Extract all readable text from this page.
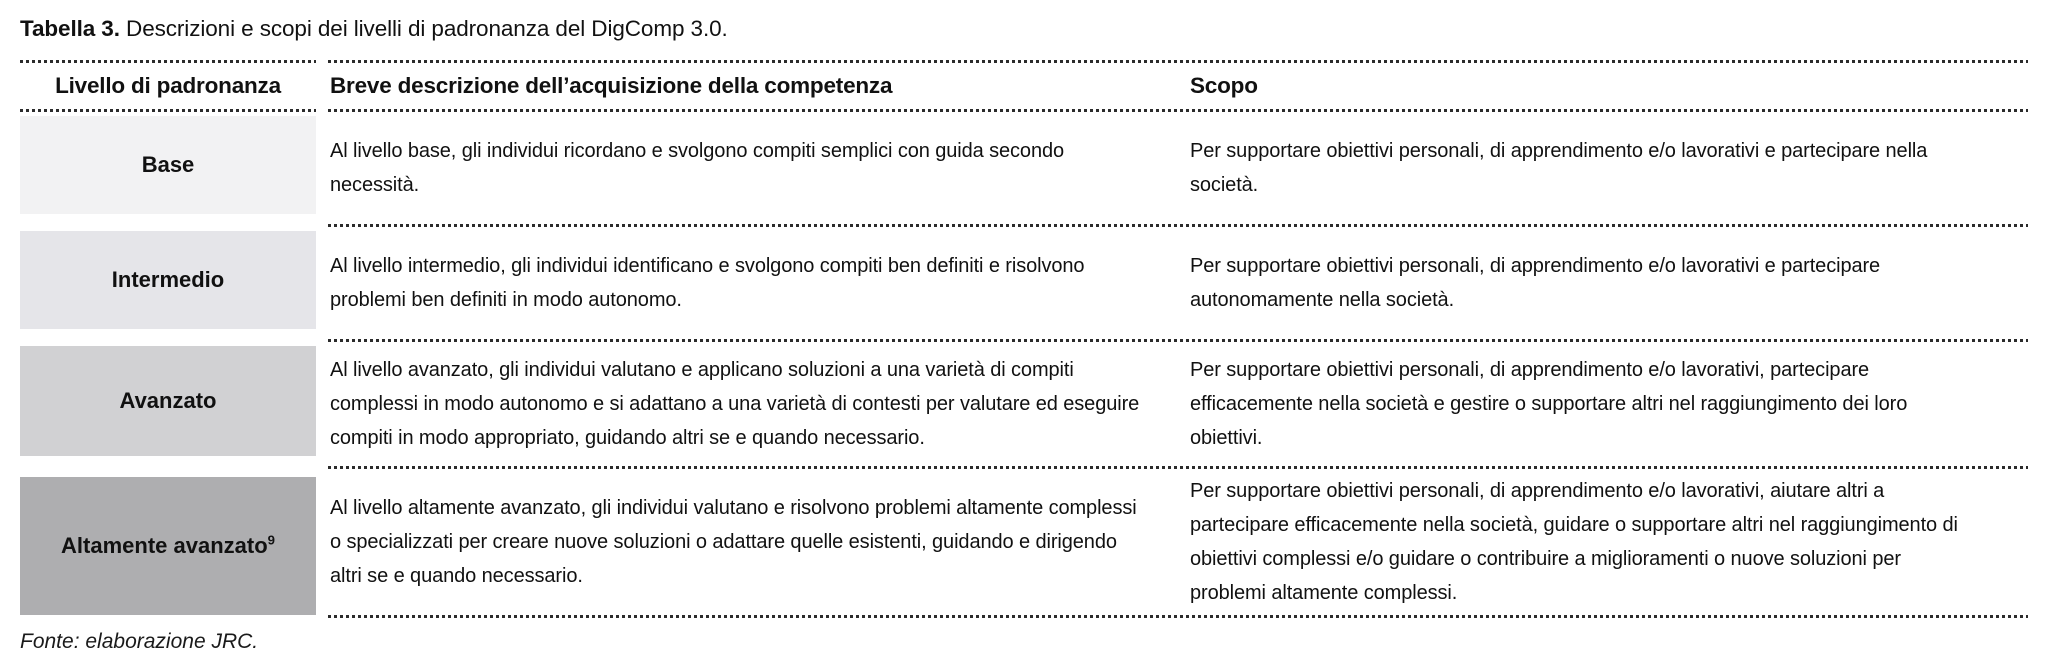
Tabella 3. Descrizioni e scopi dei livelli di padronanza del DigComp 3.0.
Livello di padronanza	Breve descrizione dell’acquisizione della competenza	Scopo
Base
Al livello base, gli individui ricordano e svolgono compiti semplici con guida secondo necessità.
Per supportare obiettivi personali, di apprendimento e/o lavorativi e partecipare nella società.
Intermedio
Al livello intermedio, gli individui identificano e svolgono compiti ben definiti e risolvono problemi ben definiti in modo autonomo.
Per supportare obiettivi personali, di apprendimento e/o lavorativi e partecipare autonomamente nella società.
Avanzato
Al livello avanzato, gli individui valutano e applicano soluzioni a una varietà di compiti complessi in modo autonomo e si adattano a una varietà di contesti per valutare ed eseguire compiti in modo appropriato, guidando altri se e quando necessario.
Per supportare obiettivi personali, di apprendimento e/o lavorativi, partecipare efficacemente nella società e gestire o supportare altri nel raggiungimento dei loro obiettivi.
Altamente avanzato$^9$
Al livello altamente avanzato, gli individui valutano e risolvono problemi altamente complessi o specializzati per creare nuove soluzioni o adattare quelle esistenti, guidando e dirigendo altri se e quando necessario.
Per supportare obiettivi personali, di apprendimento e/o lavorativi, aiutare altri a partecipare efficacemente nella società, guidare o supportare altri nel raggiungimento di obiettivi complessi e/o guidare o contribuire a miglioramenti o nuove soluzioni per problemi altamente complessi.
Fonte: elaborazione JRC.
